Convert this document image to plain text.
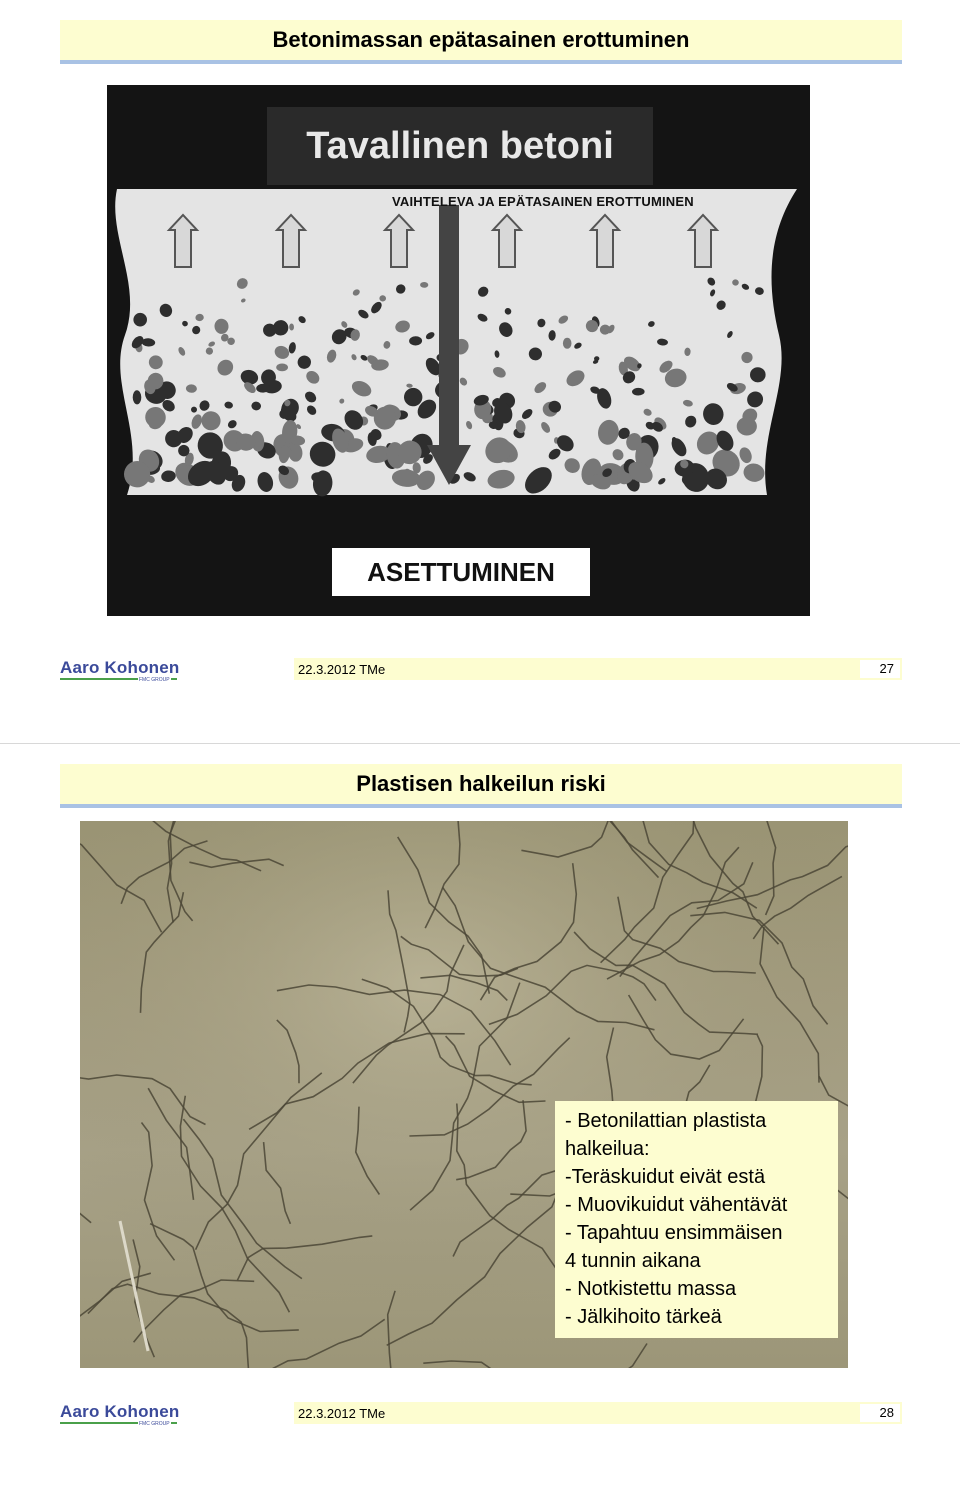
Betonimassan epätasainen erottuminen
Tavallinen betoni
VAIHTELEVA JA EPÄTASAINEN EROTTUMINEN
ASETTUMINEN
Aaro Kohonen
FMC GROUP
22.3.2012 TMe	27
Plastisen halkeilun riski
- Betonilattian plastista
halkeilua:
-Teräskuidut eivät estä
- Muovikuidut vähentävät
- Tapahtuu ensimmäisen
4 tunnin aikana
- Notkistettu massa
- Jälkihoito tärkeä
Aaro Kohonen
FMC GROUP
22.3.2012 TMe	28
